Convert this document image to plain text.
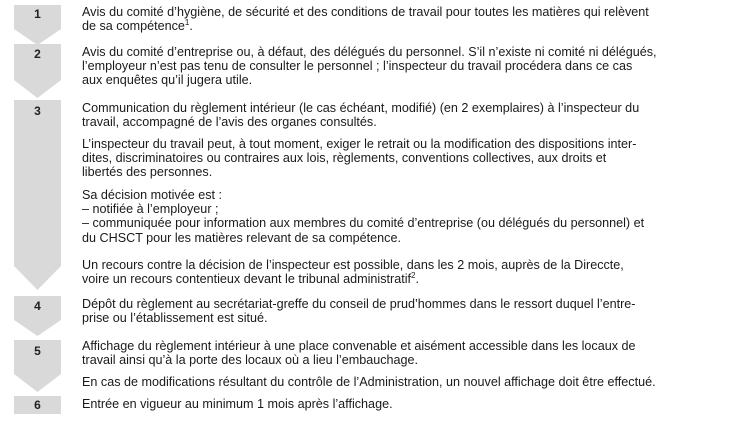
1	Avis du comité d’hygiène, de sécurité et des conditions de travail pour toutes les matières qui relèvent
de sa compétence$^1$.

2	Avis du comité d’entreprise ou, à défaut, des délégués du personnel. S’il n’existe ni comité ni délégués,
l’employeur n’est pas tenu de consulter le personnel ; l’inspecteur du travail procédera dans ce cas
aux enquêtes qu’il jugera utile.

3	Communication du règlement intérieur (le cas échéant, modifié) (en 2 exemplaires) à l’inspecteur du
travail, accompagné de l’avis des organes consultés.

L’inspecteur du travail peut, à tout moment, exiger le retrait ou la modification des dispositions inter-
dites, discriminatoires ou contraires aux lois, règlements, conventions collectives, aux droits et
libertés des personnes.

Sa décision motivée est :
– notifiée à l’employeur ;
– communiquée pour information aux membres du comité d’entreprise (ou délégués du personnel) et
du CHSCT pour les matières relevant de sa compétence.

Un recours contre la décision de l’inspecteur est possible, dans les 2 mois, auprès de la Direccte,
voire un recours contentieux devant le tribunal administratif$^2$.

4	Dépôt du règlement au secrétariat-greffe du conseil de prud’hommes dans le ressort duquel l’entre-
prise ou l’établissement est situé.

5	Affichage du règlement intérieur à une place convenable et aisément accessible dans les locaux de
travail ainsi qu’à la porte des locaux où a lieu l’embauchage.

En cas de modifications résultant du contrôle de l’Administration, un nouvel affichage doit être effectué.

6	Entrée en vigueur au minimum 1 mois après l’affichage.
